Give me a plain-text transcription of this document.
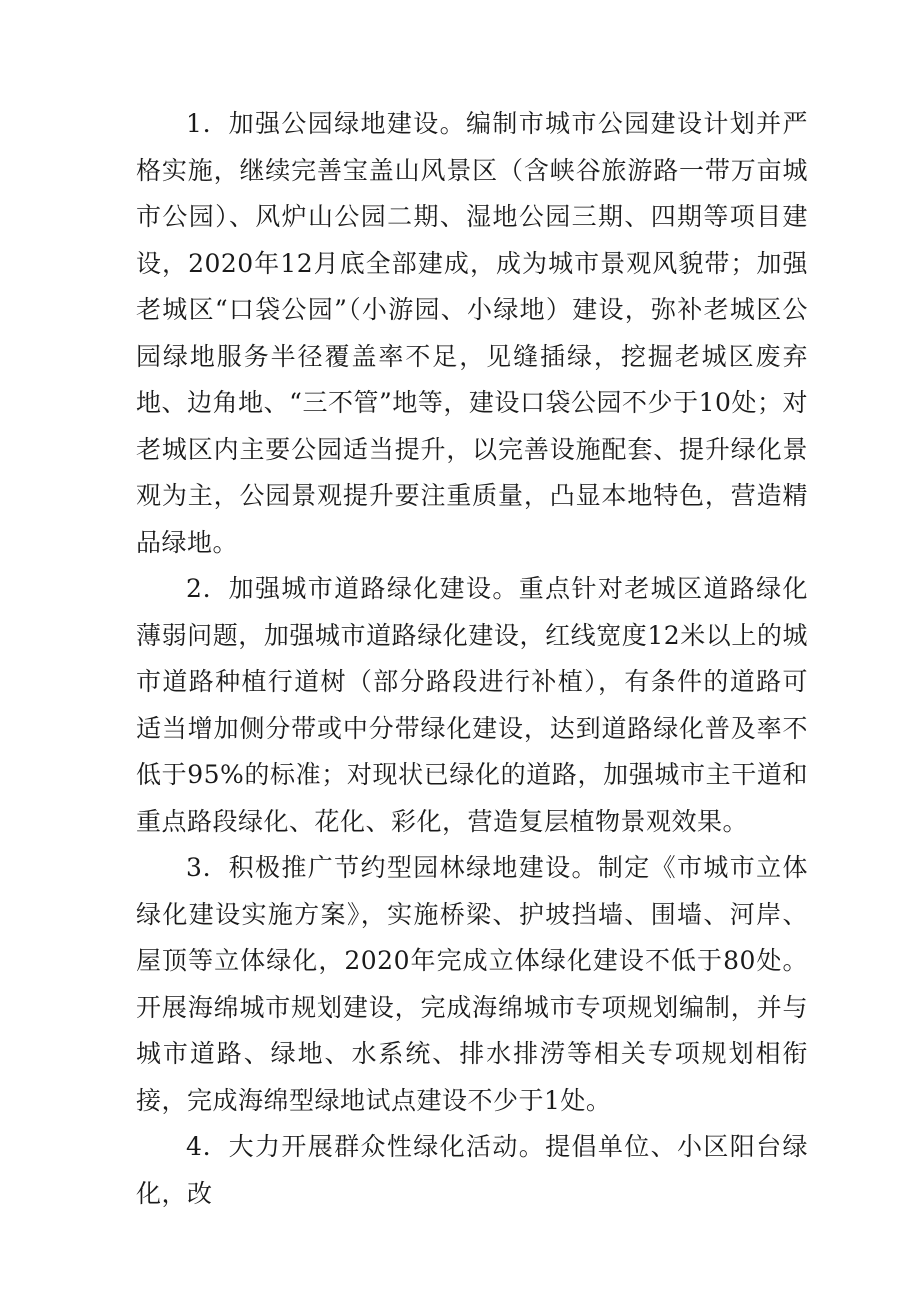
1．加强公园绿地建设。编制市城市公园建设计划并严格实施，继续完善宝盖山风景区（含峡谷旅游路一带万亩城市公园）、风炉山公园二期、湿地公园三期、四期等项目建设，2020年12月底全部建成，成为城市景观风貌带；加强老城区“口袋公园”（小游园、小绿地）建设，弥补老城区公园绿地服务半径覆盖率不足，见缝插绿，挖掘老城区废弃地、边角地、“三不管”地等，建设口袋公园不少于10处；对老城区内主要公园适当提升，以完善设施配套、提升绿化景观为主，公园景观提升要注重质量，凸显本地特色，营造精品绿地。

2．加强城市道路绿化建设。重点针对老城区道路绿化薄弱问题，加强城市道路绿化建设，红线宽度12米以上的城市道路种植行道树（部分路段进行补植），有条件的道路可适当增加侧分带或中分带绿化建设，达到道路绿化普及率不低于95%的标准；对现状已绿化的道路，加强城市主干道和重点路段绿化、花化、彩化，营造复层植物景观效果。

3．积极推广节约型园林绿地建设。制定《市城市立体绿化建设实施方案》，实施桥梁、护坡挡墙、围墙、河岸、屋顶等立体绿化，2020年完成立体绿化建设不低于80处。开展海绵城市规划建设，完成海绵城市专项规划编制，并与城市道路、绿地、水系统、排水排涝等相关专项规划相衔接，完成海绵型绿地试点建设不少于1处。

4．大力开展群众性绿化活动。提倡单位、小区阳台绿化，改
